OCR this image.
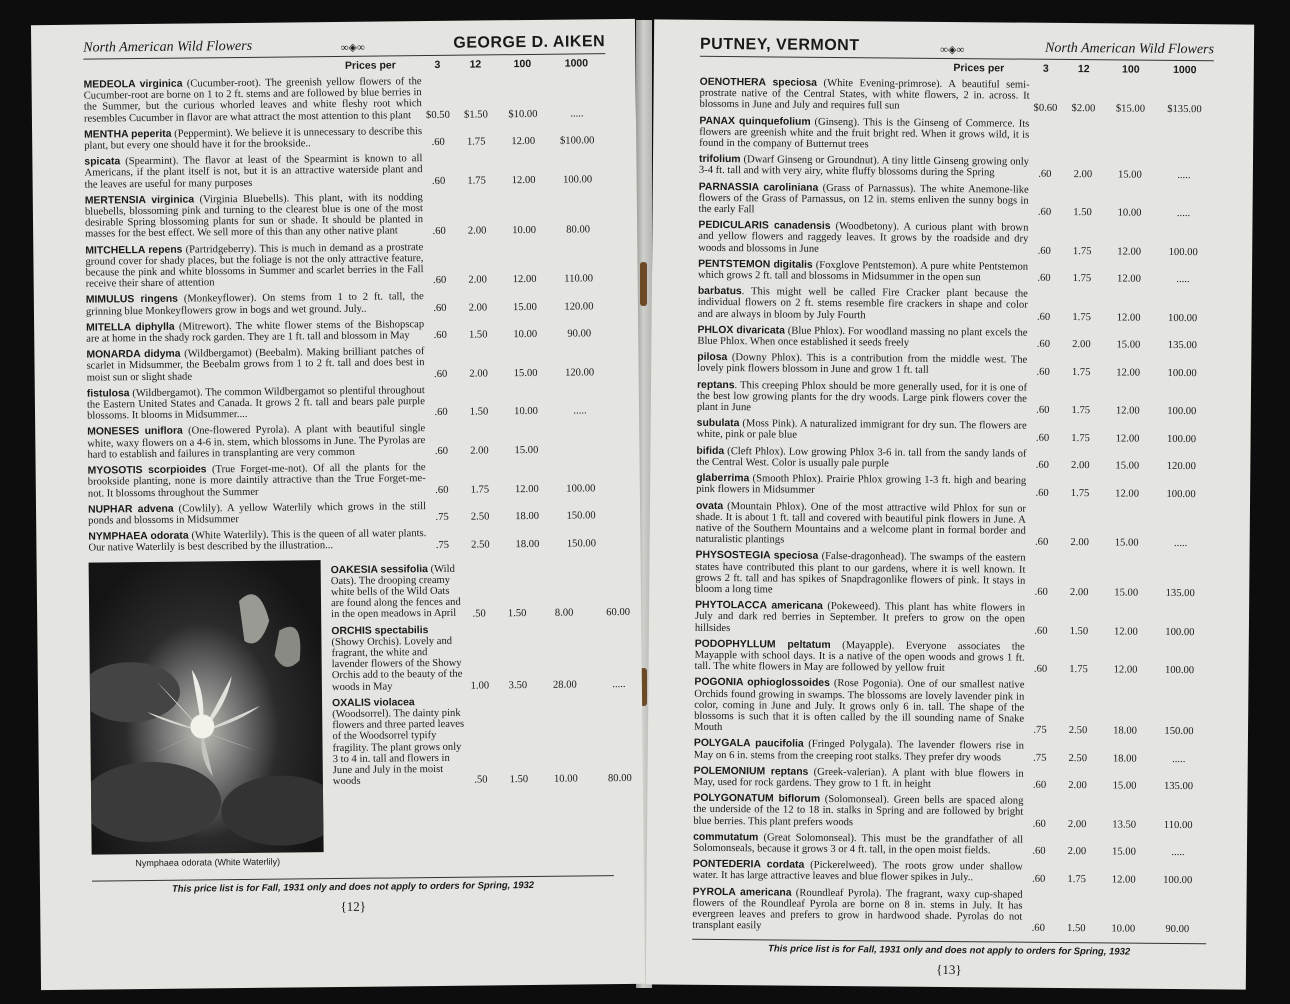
North American Wild Flowers	∞◈∞	GEORGE D. AIKEN
Prices per	3	12	100	1000
MEDEOLA virginica (Cucumber-root). The greenish yellow flowers of the Cucumber-root are borne on 1 to 2 ft. stems and are followed by blue berries in the Summer, but the curious whorled leaves and white fleshy root which resembles Cucumber in flavor are what attract the most attention to this plant	$0.50	$1.50	$10.00	.....
MENTHA peperita (Peppermint). We believe it is unnecessary to describe this plant, but every one should have it for the brookside..	.60	1.75	12.00	$100.00
spicata (Spearmint). The flavor at least of the Spearmint is known to all Americans, if the plant itself is not, but it is an attractive waterside plant and the leaves are useful for many purposes	.60	1.75	12.00	100.00
MERTENSIA virginica (Virginia Bluebells). This plant, with its nodding bluebells, blossoming pink and turning to the clearest blue is one of the most desirable Spring blossoming plants for sun or shade. It should be planted in masses for the best effect. We sell more of this than any other native plant	.60	2.00	10.00	80.00
MITCHELLA repens (Partridgeberry). This is much in demand as a prostrate ground cover for shady places, but the foliage is not the only attractive feature, because the pink and white blossoms in Summer and scarlet berries in the Fall receive their share of attention	.60	2.00	12.00	110.00
MIMULUS ringens (Monkeyflower). On stems from 1 to 2 ft. tall, the grinning blue Monkeyflowers grow in bogs and wet ground. July..	.60	2.00	15.00	120.00
MITELLA diphylla (Mitrewort). The white flower stems of the Bishopscap are at home in the shady rock garden. They are 1 ft. tall and blossom in May	.60	1.50	10.00	90.00
MONARDA didyma (Wildbergamot) (Beebalm). Making brilliant patches of scarlet in Midsummer, the Beebalm grows from 1 to 2 ft. tall and does best in moist sun or slight shade	.60	2.00	15.00	120.00
fistulosa (Wildbergamot). The common Wildbergamot so plentiful throughout the Eastern United States and Canada. It grows 2 ft. tall and bears pale purple blossoms. It blooms in Midsummer....	.60	1.50	10.00	.....
MONESES uniflora (One-flowered Pyrola). A plant with beautiful single white, waxy flowers on a 4-6 in. stem, which blossoms in June. The Pyrolas are hard to establish and failures in transplanting are very common	.60	2.00	15.00
MYOSOTIS scorpioides (True Forget-me-not). Of all the plants for the brookside planting, none is more daintily attractive than the True Forget-me-not. It blossoms throughout the Summer	.60	1.75	12.00	100.00
NUPHAR advena (Cowlily). A yellow Waterlily which grows in the still ponds and blossoms in Midsummer	.75	2.50	18.00	150.00
NYMPHAEA odorata (White Waterlily). This is the queen of all water plants. Our native Waterlily is best described by the illustration...	.75	2.50	18.00	150.00
Nymphaea odorata (White Waterlily)
OAKESIA sessifolia (Wild Oats). The drooping creamy white bells of the Wild Oats are found along the fences and in the open meadows in April	.50	1.50	8.00	60.00
ORCHIS spectabilis (Showy Orchis). Lovely and fragrant, the white and lavender flowers of the Showy Orchis add to the beauty of the woods in May	1.00	3.50	28.00	.....
OXALIS violacea (Woodsorrel). The dainty pink flowers and three parted leaves of the Woodsorrel typify fragility. The plant grows only 3 to 4 in. tall and flowers in June and July in the moist woods	.50	1.50	10.00	80.00
This price list is for Fall, 1931 only and does not apply to orders for Spring, 1932
{12}
PUTNEY, VERMONT	∞◈∞	North American Wild Flowers
Prices per	3	12	100	1000
OENOTHERA speciosa (White Evening-primrose). A beautiful semi-prostrate native of the Central States, with white flowers, 2 in. across. It blossoms in June and July and requires full sun	$0.60	$2.00	$15.00	$135.00
PANAX quinquefolium (Ginseng). This is the Ginseng of Commerce. Its flowers are greenish white and the fruit bright red. When it grows wild, it is found in the company of Butternut trees
trifolium (Dwarf Ginseng or Groundnut). A tiny little Ginseng growing only 3-4 ft. tall and with very airy, white fluffy blossoms during the Spring	.60	2.00	15.00	.....
PARNASSIA caroliniana (Grass of Parnassus). The white Anemone-like flowers of the Grass of Parnassus, on 12 in. stems enliven the sunny bogs in the early Fall	.60	1.50	10.00	.....
PEDICULARIS canadensis (Woodbetony). A curious plant with brown and yellow flowers and raggedy leaves. It grows by the roadside and dry woods and blossoms in June	.60	1.75	12.00	100.00
PENTSTEMON digitalis (Foxglove Pentstemon). A pure white Pentstemon which grows 2 ft. tall and blossoms in Midsummer in the open sun	.60	1.75	12.00	.....
barbatus. This might well be called Fire Cracker plant because the individual flowers on 2 ft. stems resemble fire crackers in shape and color and are always in bloom by July Fourth	.60	1.75	12.00	100.00
PHLOX divaricata (Blue Phlox). For woodland massing no plant excels the Blue Phlox. When once established it seeds freely	.60	2.00	15.00	135.00
pilosa (Downy Phlox). This is a contribution from the middle west. The lovely pink flowers blossom in June and grow 1 ft. tall	.60	1.75	12.00	100.00
reptans. This creeping Phlox should be more generally used, for it is one of the best low growing plants for the dry woods. Large pink flowers cover the plant in June	.60	1.75	12.00	100.00
subulata (Moss Pink). A naturalized immigrant for dry sun. The flowers are white, pink or pale blue	.60	1.75	12.00	100.00
bifida (Cleft Phlox). Low growing Phlox 3-6 in. tall from the sandy lands of the Central West. Color is usually pale purple	.60	2.00	15.00	120.00
glaberrima (Smooth Phlox). Prairie Phlox growing 1-3 ft. high and bearing pink flowers in Midsummer	.60	1.75	12.00	100.00
ovata (Mountain Phlox). One of the most attractive wild Phlox for sun or shade. It is about 1 ft. tall and covered with beautiful pink flowers in June. A native of the Southern Mountains and a welcome plant in formal border and naturalistic plantings	.60	2.00	15.00	.....
PHYSOSTEGIA speciosa (False-dragonhead). The swamps of the eastern states have contributed this plant to our gardens, where it is well known. It grows 2 ft. tall and has spikes of Snapdragonlike flowers of pink. It stays in bloom a long time	.60	2.00	15.00	135.00
PHYTOLACCA americana (Pokeweed). This plant has white flowers in July and dark red berries in September. It prefers to grow on the open hillsides	.60	1.50	12.00	100.00
PODOPHYLLUM peltatum (Mayapple). Everyone associates the Mayapple with school days. It is a native of the open woods and grows 1 ft. tall. The white flowers in May are followed by yellow fruit	.60	1.75	12.00	100.00
POGONIA ophioglossoides (Rose Pogonia). One of our smallest native Orchids found growing in swamps. The blossoms are lovely lavender pink in color, coming in June and July. It grows only 6 in. tall. The shape of the blossoms is such that it is often called by the ill sounding name of Snake Mouth	.75	2.50	18.00	150.00
POLYGALA paucifolia (Fringed Polygala). The lavender flowers rise in May on 6 in. stems from the creeping root stalks. They prefer dry woods	.75	2.50	18.00	.....
POLEMONIUM reptans (Greek-valerian). A plant with blue flowers in May, used for rock gardens. They grow to 1 ft. in height	.60	2.00	15.00	135.00
POLYGONATUM biflorum (Solomonseal). Green bells are spaced along the underside of the 12 to 18 in. stalks in Spring and are followed by bright blue berries. This plant prefers woods	.60	2.00	13.50	110.00
commutatum (Great Solomonseal). This must be the grandfather of all Solomonseals, because it grows 3 or 4 ft. tall, in the open moist fields.	.60	2.00	15.00	.....
PONTEDERIA cordata (Pickerelweed). The roots grow under shallow water. It has large attractive leaves and blue flower spikes in July..	.60	1.75	12.00	100.00
PYROLA americana (Roundleaf Pyrola). The fragrant, waxy cup-shaped flowers of the Roundleaf Pyrola are borne on 8 in. stems in July. It has evergreen leaves and prefers to grow in hardwood shade. Pyrolas do not transplant easily	.60	1.50	10.00	90.00
This price list is for Fall, 1931 only and does not apply to orders for Spring, 1932
{13}
